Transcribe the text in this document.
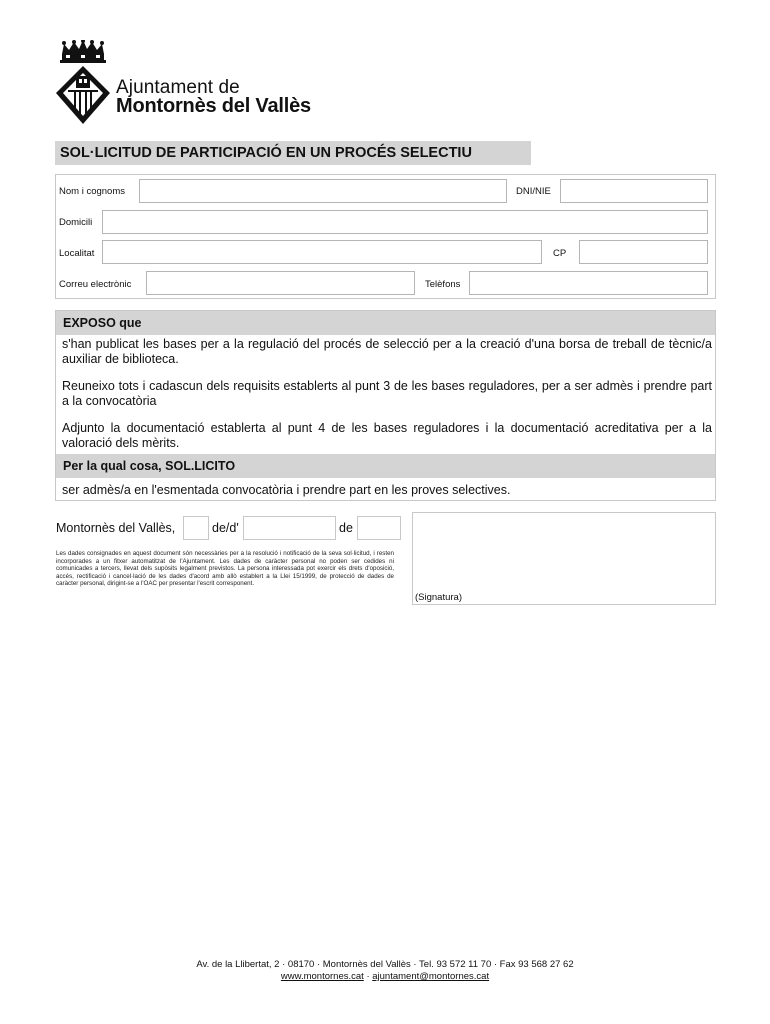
Ajuntament de
Montornès del Vallès
SOL·LICITUD DE PARTICIPACIÓ EN UN PROCÉS SELECTIU
Nom i cognoms	DNI/NIE
Domicili
Localitat	CP
Correu electrònic	Telèfons
EXPOSO que
s'han publicat les bases per a la regulació del procés de selecció per a la creació d'una borsa de treball de tècnic/a auxiliar de biblioteca.
Reuneixo tots i cadascun dels requisits establerts al punt 3 de les bases reguladores, per a ser admès i prendre part a la convocatòria
Adjunto la documentació establerta al punt 4 de les bases reguladores i la documentació acreditativa per a la valoració dels mèrits.
Per la qual cosa, SOL.LICITO
ser admès/a en l'esmentada convocatòria i prendre part en les proves selectives.
Montornès del Vallès,	de/d'	de
Les dades consignades en aquest document són necessàries per a la resolució i notificació de la seva sol·licitud, i resten incorporades a un fitxer automatitzat de l'Ajuntament. Les dades de caràcter personal no poden ser cedides ni comunicades a tercers, llevat dels supòsits legalment previstos. La persona interessada pot exercir els drets d'oposició, accés, rectificació i cancel·lació de les dades d'acord amb allò establert a la Llei 15/1999, de protecció de dades de caràcter personal, dirigint-se a l'OAC per presentar l'escrit corresponent.
(Signatura)
Av. de la Llibertat, 2 · 08170 · Montornès del Vallès · Tel. 93 572 11 70 · Fax 93 568 27 62
www.montornes.cat · ajuntament@montornes.cat
